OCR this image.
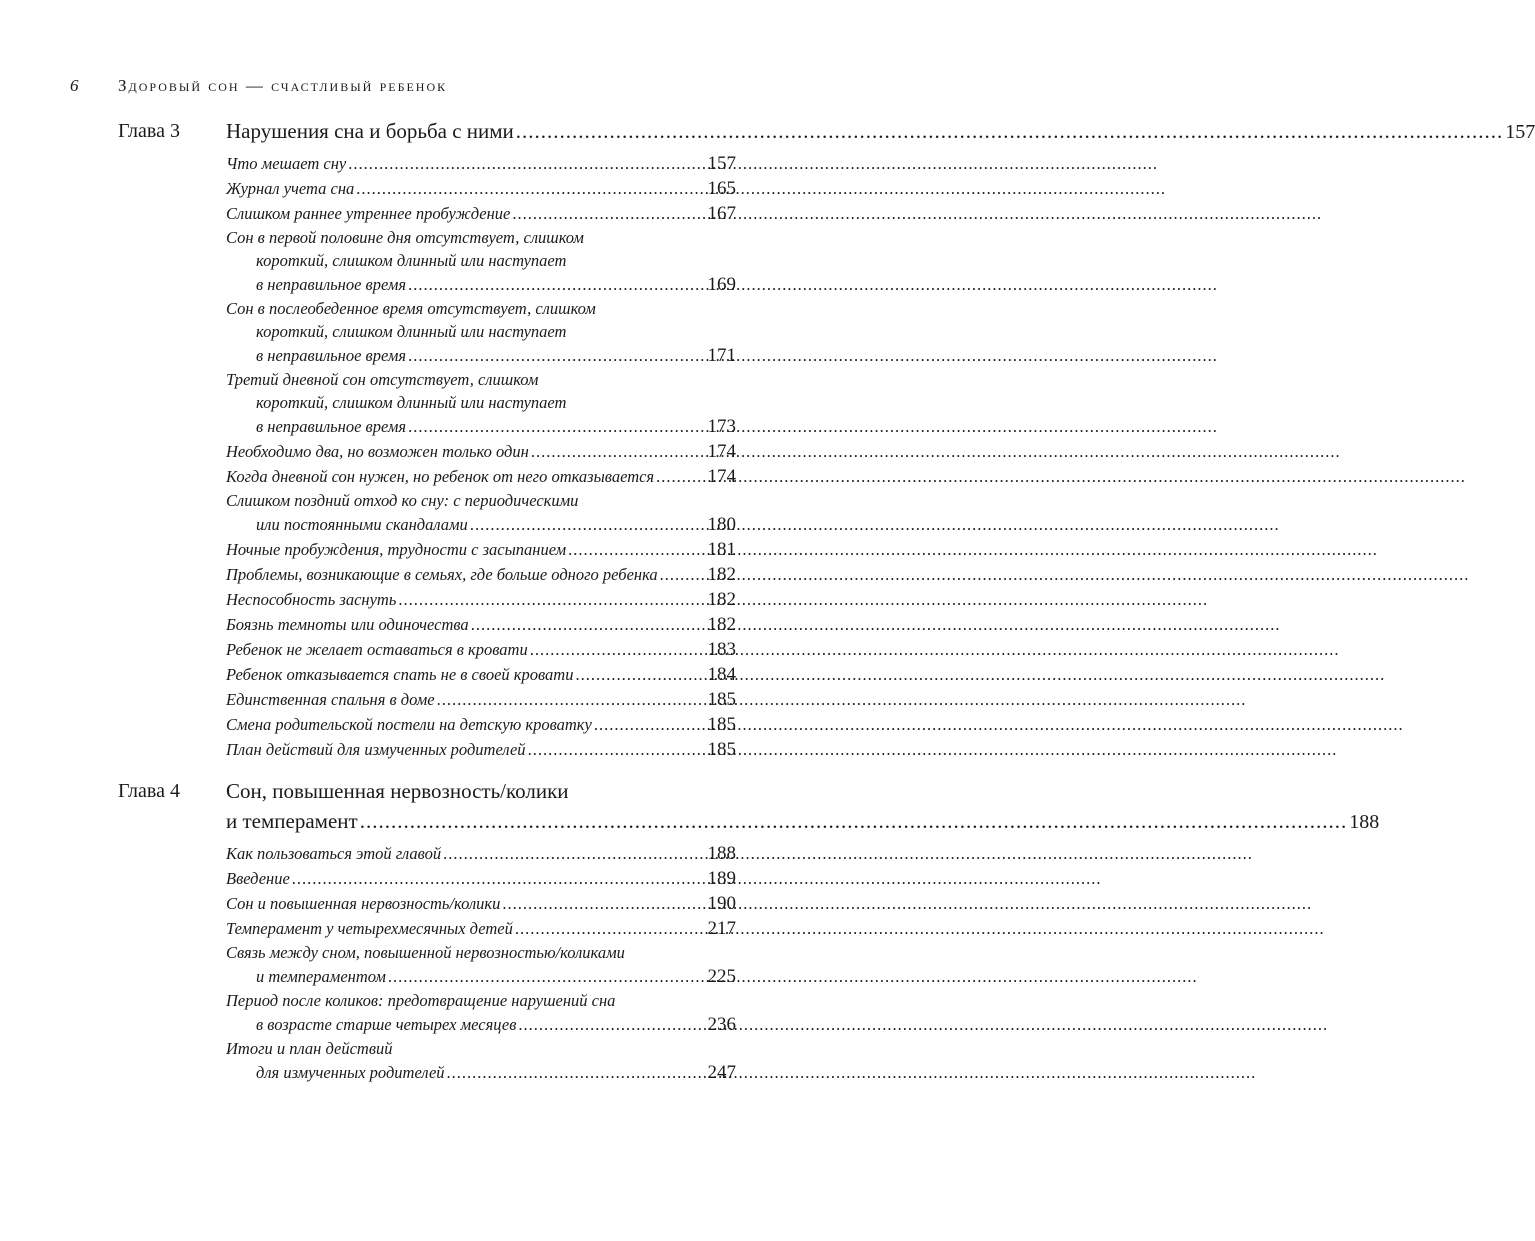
6 Здоровый сон — счастливый ребенок
Глава 3	Нарушения сна и борьба с ними .....	157
Что мешает сну .....	157
Журнал учета сна .....	165
Слишком раннее утреннее пробуждение .....	167
Сон в первой половине дня отсутствует, слишком
короткий, слишком длинный или наступает
в неправильное время .....	169
Сон в послеобеденное время отсутствует, слишком
короткий, слишком длинный или наступает
в неправильное время .....	171
Третий дневной сон отсутствует, слишком
короткий, слишком длинный или наступает
в неправильное время .....	173
Необходимо два, но возможен только один .....	174
Когда дневной сон нужен, но ребенок от него отказывается .....	174
Слишком поздний отход ко сну: с периодическими
или постоянными скандалами .....	180
Ночные пробуждения, трудности с засыпанием .....	181
Проблемы, возникающие в семьях, где больше одного ребенка .....	182
Неспособность заснуть .....	182
Боязнь темноты или одиночества .....	182
Ребенок не желает оставаться в кровати .....	183
Ребенок отказывается спать не в своей кровати .....	184
Единственная спальня в доме .....	185
Смена родительской постели на детскую кроватку .....	185
План действий для измученных родителей .....	185
Глава 4	Сон, повышенная нервозность/колики
и темперамент .....	188
Как пользоваться этой главой .....	188
Введение .....	189
Сон и повышенная нервозность/колики .....	190
Темперамент у четырехмесячных детей .....	217
Связь между сном, повышенной нервозностью/коликами
и темпераментом .....	225
Период после коликов: предотвращение нарушений сна
в возрасте старше четырех месяцев .....	236
Итоги и план действий
для измученных родителей .....	247
